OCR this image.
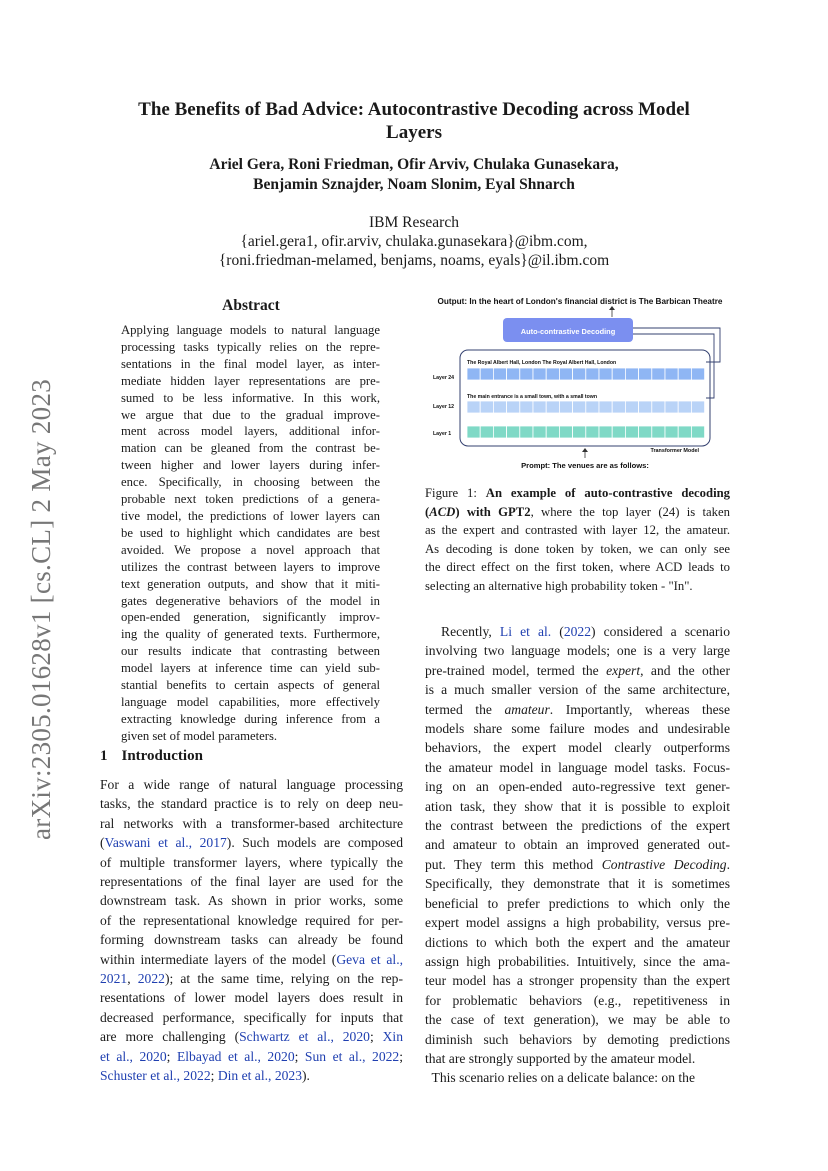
arXiv:2305.01628v1 [cs.CL] 2 May 2023
The Benefits of Bad Advice: Autocontrastive Decoding across Model
Layers
Ariel Gera, Roni Friedman, Ofir Arviv, Chulaka Gunasekara,
Benjamin Sznajder, Noam Slonim, Eyal Shnarch
IBM Research
{ariel.gera1, ofir.arviv, chulaka.gunasekara}@ibm.com,
{roni.friedman-melamed, benjams, noams, eyals}@il.ibm.com
Abstract
Applying language models to natural language
processing tasks typically relies on the repre-
sentations in the final model layer, as inter-
mediate hidden layer representations are pre-
sumed to be less informative. In this work,
we argue that due to the gradual improve-
ment across model layers, additional infor-
mation can be gleaned from the contrast be-
tween higher and lower layers during infer-
ence. Specifically, in choosing between the
probable next token predictions of a genera-
tive model, the predictions of lower layers can
be used to highlight which candidates are best
avoided. We propose a novel approach that
utilizes the contrast between layers to improve
text generation outputs, and show that it miti-
gates degenerative behaviors of the model in
open-ended generation, significantly improv-
ing the quality of generated texts. Furthermore,
our results indicate that contrasting between
model layers at inference time can yield sub-
stantial benefits to certain aspects of general
language model capabilities, more effectively
extracting knowledge during inference from a
given set of model parameters.
1 Introduction
For a wide range of natural language processing
tasks, the standard practice is to rely on deep neu-
ral networks with a transformer-based architecture
(Vaswani et al., 2017). Such models are composed
of multiple transformer layers, where typically the
representations of the final layer are used for the
downstream task. As shown in prior works, some
of the representational knowledge required for per-
forming downstream tasks can already be found
within intermediate layers of the model (Geva et al.,
2021, 2022); at the same time, relying on the rep-
resentations of lower model layers does result in
decreased performance, specifically for inputs that
are more challenging (Schwartz et al., 2020; Xin
et al., 2020; Elbayad et al., 2020; Sun et al., 2022;
Schuster et al., 2022; Din et al., 2023).
Output: In the heart of London's financial district is The Barbican Theatre
Auto-contrastive Decoding
The Royal Albert Hall, London The Royal Albert Hall, London
The main entrance is a small town, with a small town
Layer 24
Layer 12
Layer 1
Transformer Model
Prompt: The venues are as follows:
Figure 1: An example of auto-contrastive decoding
(ACD) with GPT2, where the top layer (24) is taken
as the expert and contrasted with layer 12, the amateur.
As decoding is done token by token, we can only see
the direct effect on the first token, where ACD leads to
selecting an alternative high probability token - "In".
Recently, Li et al. (2022) considered a scenario
involving two language models; one is a very large
pre-trained model, termed the expert, and the other
is a much smaller version of the same architecture,
termed the amateur. Importantly, whereas these
models share some failure modes and undesirable
behaviors, the expert model clearly outperforms
the amateur model in language model tasks. Focus-
ing on an open-ended auto-regressive text gener-
ation task, they show that it is possible to exploit
the contrast between the predictions of the expert
and amateur to obtain an improved generated out-
put. They term this method Contrastive Decoding.
Specifically, they demonstrate that it is sometimes
beneficial to prefer predictions to which only the
expert model assigns a high probability, versus pre-
dictions to which both the expert and the amateur
assign high probabilities. Intuitively, since the ama-
teur model has a stronger propensity than the expert
for problematic behaviors (e.g., repetitiveness in
the case of text generation), we may be able to
diminish such behaviors by demoting predictions
that are strongly supported by the amateur model.
This scenario relies on a delicate balance: on the
